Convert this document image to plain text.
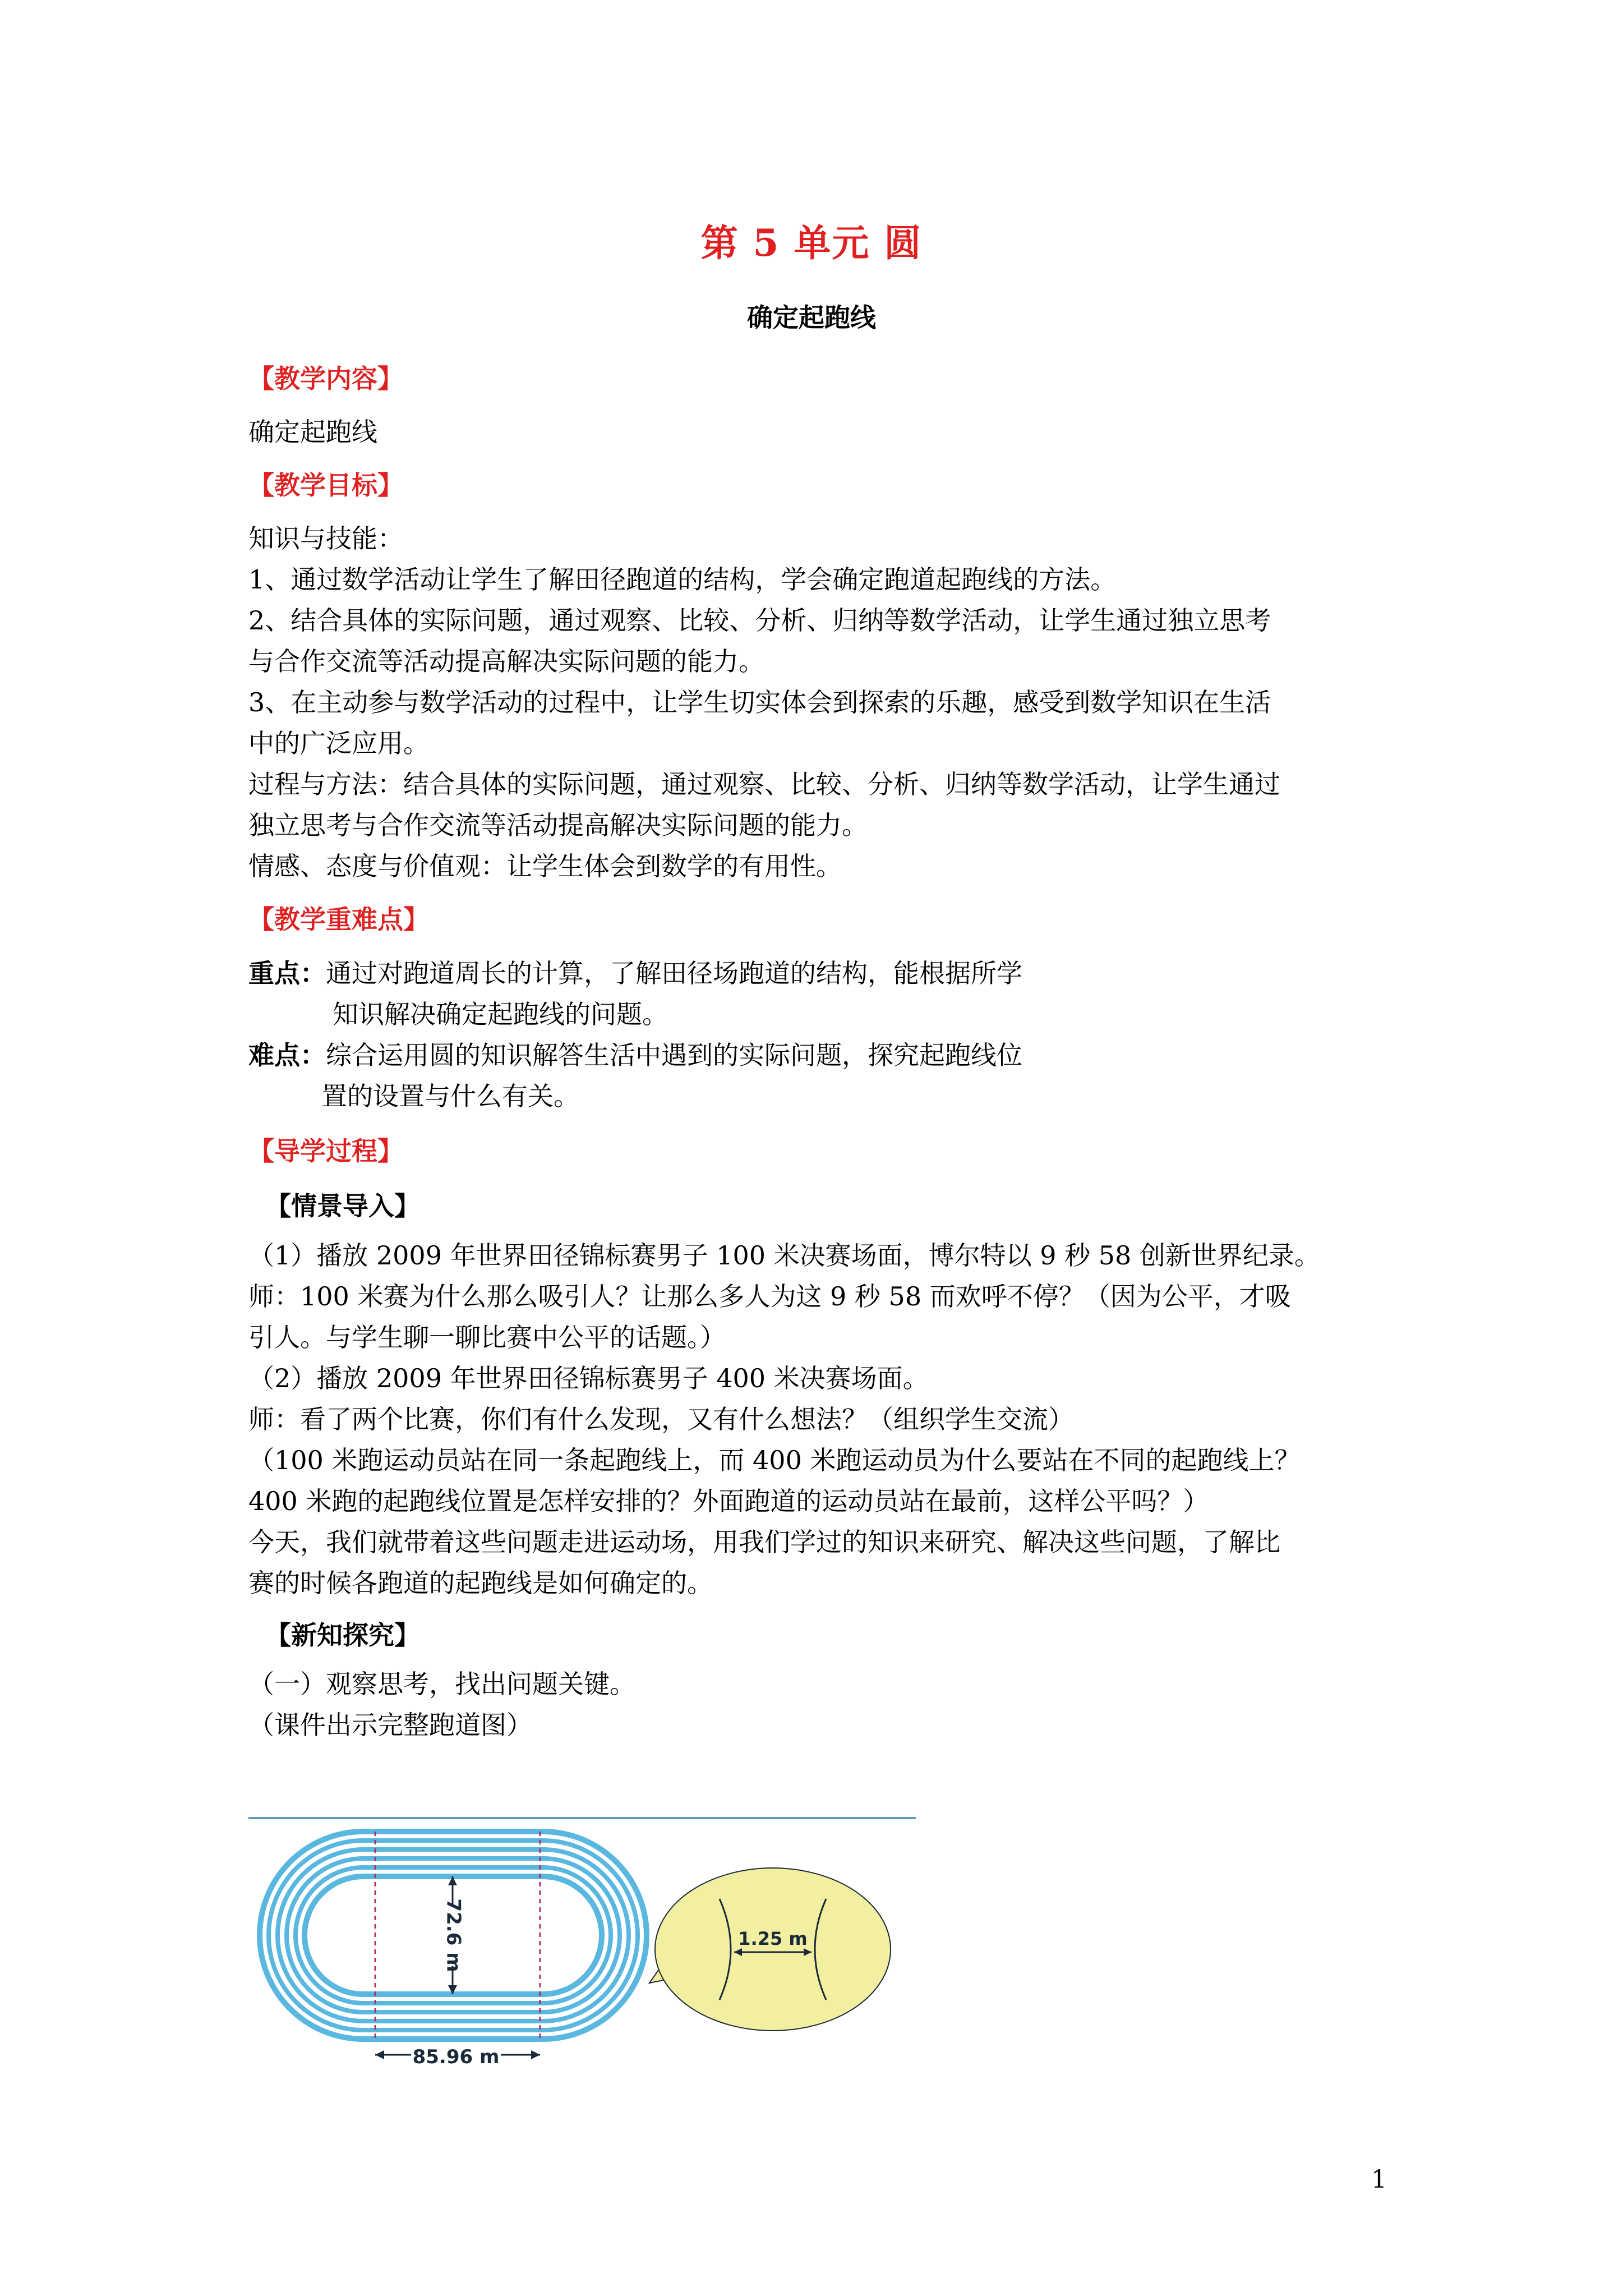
第 5 单元 圆
确定起跑线
【教学内容】
确定起跑线
【教学目标】
知识与技能：
1、通过数学活动让学生了解田径跑道的结构，学会确定跑道起跑线的方法。
2、结合具体的实际问题，通过观察、比较、分析、归纳等数学活动，让学生通过独立思考
与合作交流等活动提高解决实际问题的能力。
3、在主动参与数学活动的过程中，让学生切实体会到探索的乐趣，感受到数学知识在生活
中的广泛应用。
过程与方法：结合具体的实际问题，通过观察、比较、分析、归纳等数学活动，让学生通过
独立思考与合作交流等活动提高解决实际问题的能力。
情感、态度与价值观：让学生体会到数学的有用性。
【教学重难点】
重点：通过对跑道周长的计算，了解田径场跑道的结构，能根据所学
知识解决确定起跑线的问题。
难点：综合运用圆的知识解答生活中遇到的实际问题，探究起跑线位
置的设置与什么有关。
【导学过程】
【情景导入】
（1）播放 2009 年世界田径锦标赛男子 100 米决赛场面，博尔特以 9 秒 58 创新世界纪录。
师：100 米赛为什么那么吸引人？让那么多人为这 9 秒 58 而欢呼不停？（因为公平，才吸
引人。与学生聊一聊比赛中公平的话题。）
（2）播放 2009 年世界田径锦标赛男子 400 米决赛场面。
师：看了两个比赛，你们有什么发现，又有什么想法？（组织学生交流）
（100 米跑运动员站在同一条起跑线上，而 400 米跑运动员为什么要站在不同的起跑线上？
400 米跑的起跑线位置是怎样安排的？外面跑道的运动员站在最前，这样公平吗？）
今天，我们就带着这些问题走进运动场，用我们学过的知识来研究、解决这些问题，了解比
赛的时候各跑道的起跑线是如何确定的。
【新知探究】
（一）观察思考，找出问题关键。
（课件出示完整跑道图）
72.6 m
85.96 m
1.25 m
1
